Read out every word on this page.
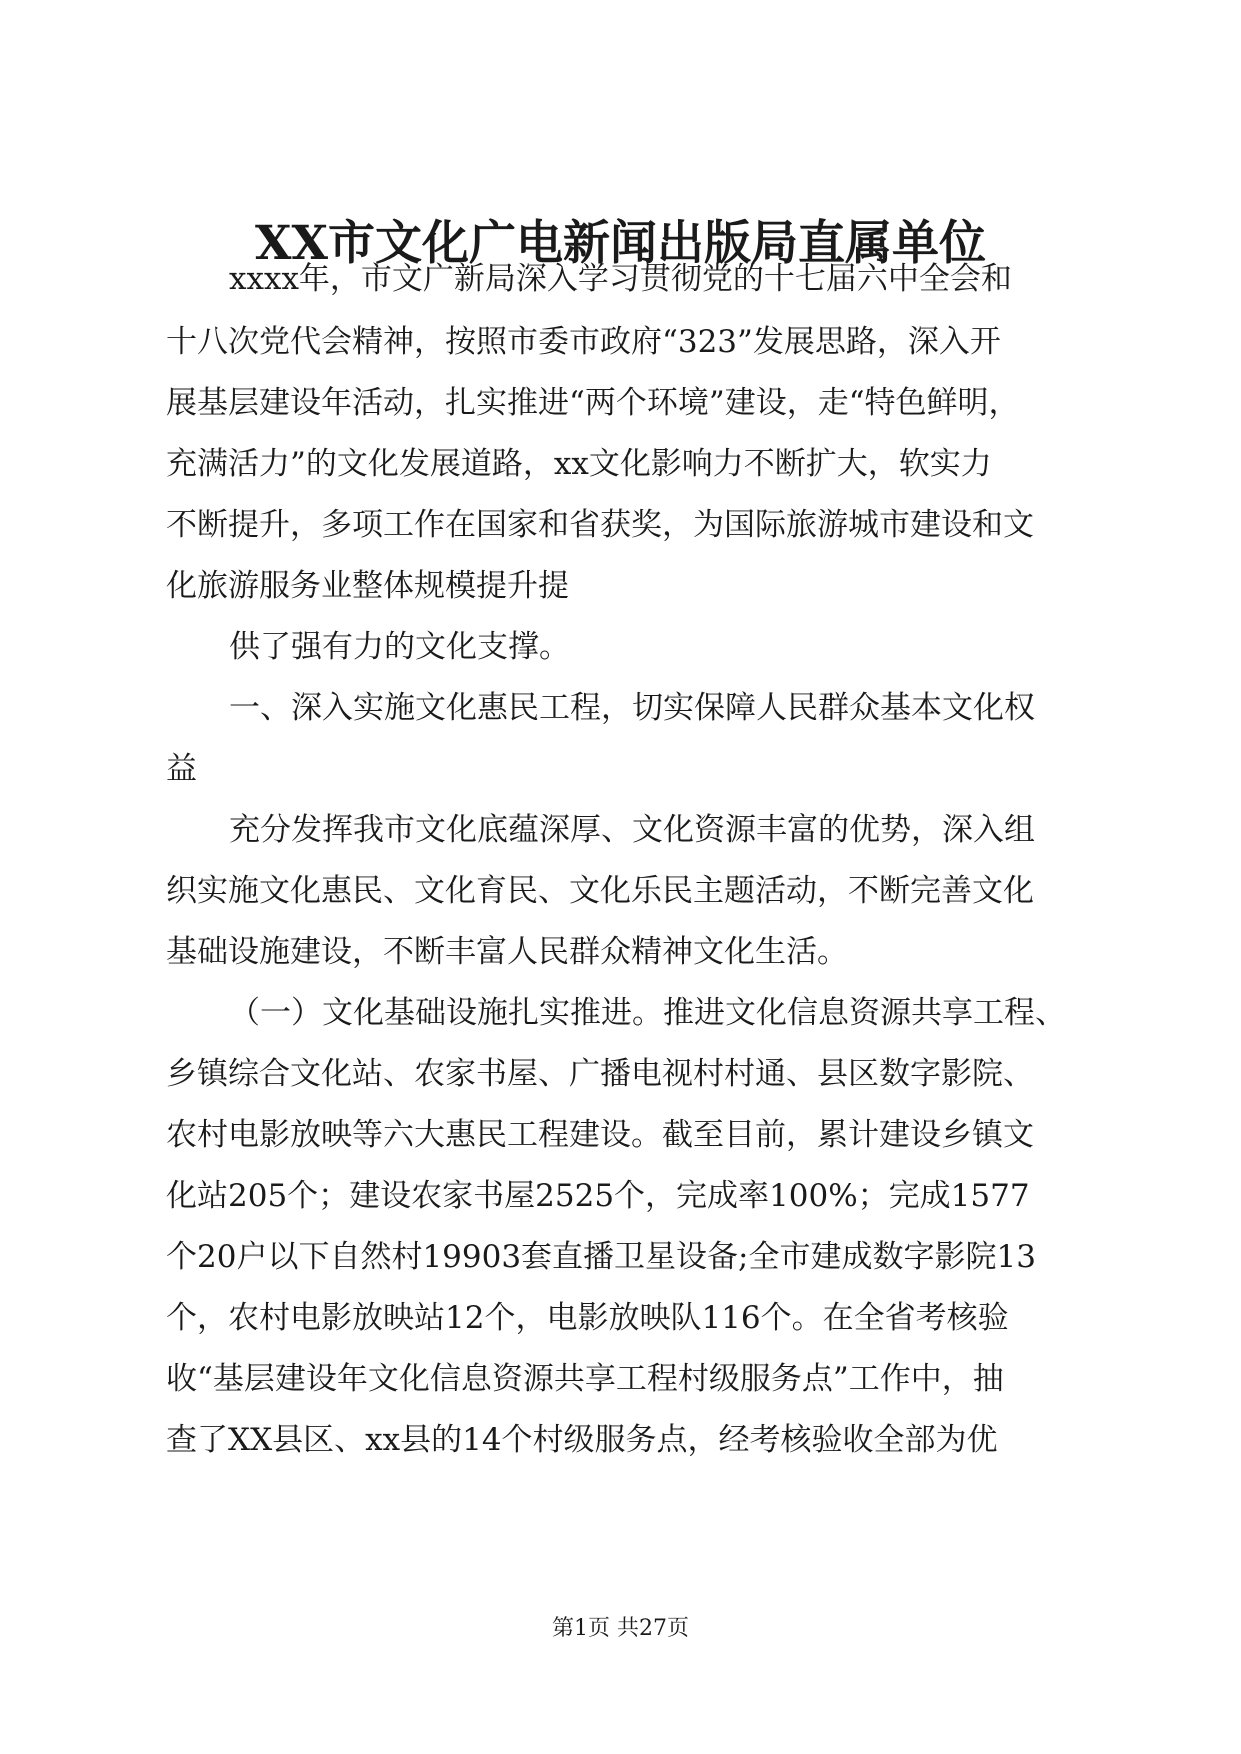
XX市文化广电新闻出版局直属单位
xxxx年，市文广新局深入学习贯彻党的十七届六中全会和
十八次党代会精神，按照市委市政府“323”发展思路，深入开
展基层建设年活动，扎实推进“两个环境”建设，走“特色鲜明，
充满活力”的文化发展道路，xx文化影响力不断扩大，软实力
不断提升，多项工作在国家和省获奖，为国际旅游城市建设和文
化旅游服务业整体规模提升提
供了强有力的文化支撑。
一、深入实施文化惠民工程，切实保障人民群众基本文化权
益
充分发挥我市文化底蕴深厚、文化资源丰富的优势，深入组
织实施文化惠民、文化育民、文化乐民主题活动，不断完善文化
基础设施建设，不断丰富人民群众精神文化生活。
（一）文化基础设施扎实推进。推进文化信息资源共享工程、
乡镇综合文化站、农家书屋、广播电视村村通、县区数字影院、
农村电影放映等六大惠民工程建设。截至目前，累计建设乡镇文
化站205个；建设农家书屋2525个，完成率100%；完成1577
个20户以下自然村19903套直播卫星设备;全市建成数字影院13
个，农村电影放映站12个，电影放映队116个。在全省考核验
收“基层建设年文化信息资源共享工程村级服务点”工作中，抽
查了XX县区、xx县的14个村级服务点，经考核验收全部为优
第1页 共27页
